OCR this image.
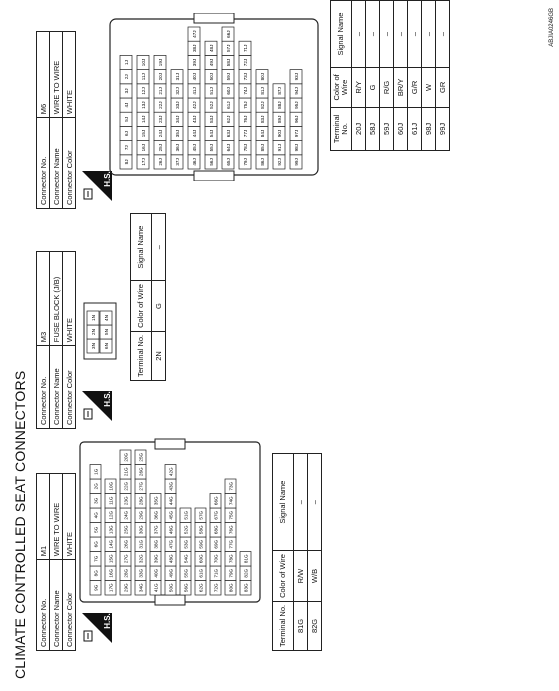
CLIMATE CONTROLLED SEAT CONNECTORS Connector No.	M1
Connector Name	WIRE TO WIRE
Connector Color	WHITE
H.S.
9G
8G
7G
6G
5G
4G
3G
2G
1G
17G
16G
15G
14G
13G
12G
11G
10G
29G
28G
27G
26G
25G
24G
23G
22G
21G
20G
34G
33G
32G
31G
30G
29G
28G
27G
26G
25G
41G
40G
39G
38G
37G
36G
35G
50G
49G
48G
47G
46G
45G
44G
43G
42G
56G
55G
54G
53G
52G
51G
62G
61G
60G
59G
58G
57G
72G
71G
70G
69G
68G
67G
66G
80G
79G
78G
77G
76G
75G
74G
73G
83G
82G
81G
Terminal No.	Color of Wire	Signal Name
81G	R/W	–
82G	W/B	–
Connector No.	M3
Connector Name	FUSE BLOCK (J/B)
Connector Color	WHITE
H.S.
3N
2N
1N
6N
5N
4N
Terminal No.	Color of Wire	Signal Name
2N	G	–
Connector No.	M6
Connector Name	WIRE TO WIRE
Connector Color	WHITE
H.S.
8J
7J
6J
5J
4J
3J
2J
1J
17J
16J
15J
14J
13J
12J
11J
10J
26J
25J
24J
23J
22J
21J
20J
19J
37J
36J
35J
34J
33J
32J
31J
46J
45J
44J
43J
42J
41J
40J
39J
38J
47J
56J
55J
54J
53J
52J
51J
50J
49J
48J
65J
64J
63J
62J
61J
60J
59J
58J
57J
66J
79J
78J
77J
76J
75J
74J
73J
72J
71J
86J
85J
84J
83J
82J
81J
80J
92J
91J
90J
89J
88J
87J
99J
98J
97J
96J
95J
94J
93J
Terminal No.	Color of Wire	Signal Name
20J	R/Y	–
58J	G	–
59J	R/G	–
60J	BR/Y	–
61J	G/R	–
98J	W	–
99J	GR	–	ABJIA0246GB
